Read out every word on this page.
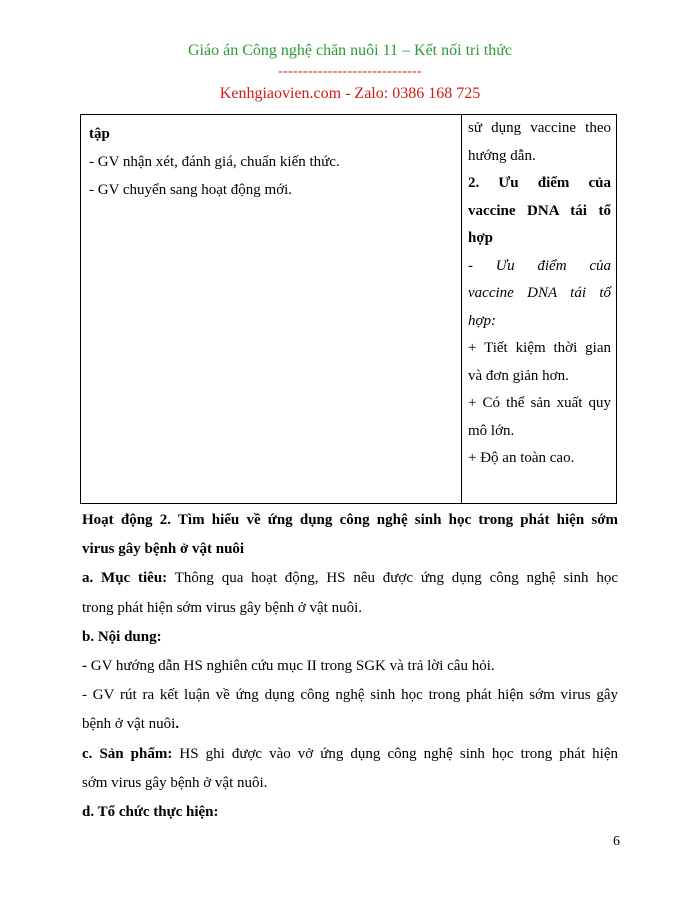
Giáo án Công nghệ chăn nuôi 11 – Kết nối tri thức
-----------------------------
Kenhgiaovien.com - Zalo: 0386 168 725
tập
- GV nhận xét, đánh giá, chuẩn kiến thức.
- GV chuyển sang hoạt động mới.
sử dụng vaccine theo
hướng dẫn.
2. Ưu điểm của
vaccine DNA tái tổ
hợp
- Ưu điểm của
vaccine DNA tái tổ
hợp:
+ Tiết kiệm thời gian
và đơn giản hơn.
+ Có thể sản xuất quy
mô lớn.
+ Độ an toàn cao.

Hoạt động 2. Tìm hiểu về ứng dụng công nghệ sinh học trong phát hiện sớm

virus gây bệnh ở vật nuôi

a. Mục tiêu: Thông qua hoạt động, HS nêu được ứng dụng công nghệ sinh học

trong phát hiện sớm virus gây bệnh ở vật nuôi.

b. Nội dung:

- GV hướng dẫn HS nghiên cứu mục II trong SGK và trả lời câu hỏi.

- GV rút ra kết luận về ứng dụng công nghệ sinh học trong phát hiện sớm virus gây

bệnh ở vật nuôi.

c. Sản phẩm: HS ghi được vào vở ứng dụng công nghệ sinh học trong phát hiện

sớm virus gây bệnh ở vật nuôi.

d. Tổ chức thực hiện:

6
